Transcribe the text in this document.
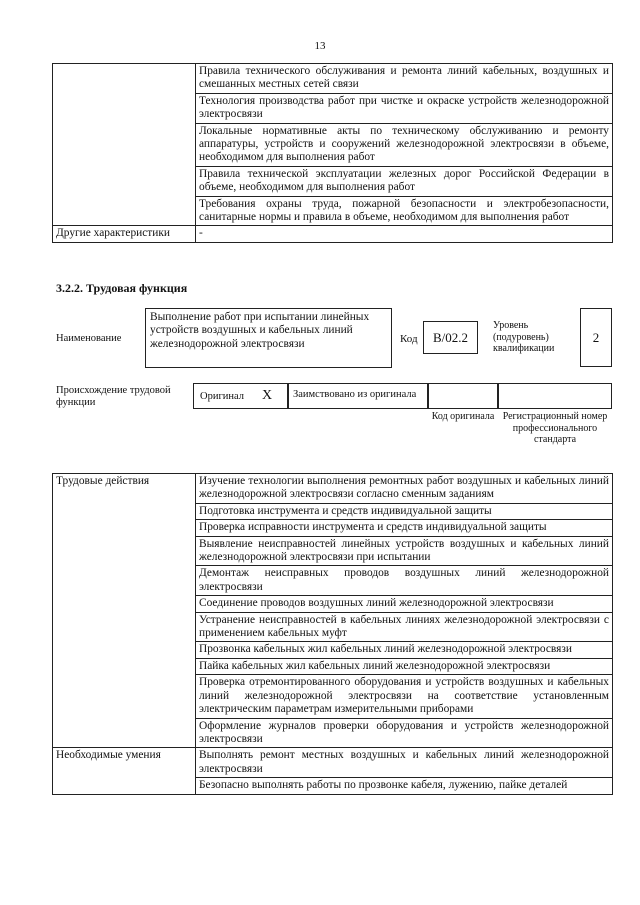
13
	Правила технического обслуживания и ремонта линий кабельных, воздушных и смешанных местных сетей связи
	Технология производства работ при чистке и окраске устройств железнодорожной электросвязи
	Локальные нормативные акты по техническому обслуживанию и ремонту аппаратуры, устройств и сооружений железнодорожной электросвязи в объеме, необходимом для выполнения работ
	Правила технической эксплуатации железных дорог Российской Федерации в объеме, необходимом для выполнения работ
	Требования охраны труда, пожарной безопасности и электробезопасности, санитарные нормы и правила в объеме, необходимом для выполнения работ
Другие характеристики	-
3.2.2. Трудовая функция
Наименование
Выполнение работ при испытании линейных устройств воздушных и кабельных линий железнодорожной электросвязи	Код	B/02.2
Уровень (подуровень) квалификации
2
Происхождение трудовой функции
Оригинал X	Заимствовано из оригинала
Код оригинала Регистрационный номер профессионального стандарта
Трудовые действия	Изучение технологии выполнения ремонтных работ воздушных и кабельных линий железнодорожной электросвязи согласно сменным заданиям
	Подготовка инструмента и средств индивидуальной защиты
	Проверка исправности инструмента и средств индивидуальной защиты
	Выявление неисправностей линейных устройств воздушных и кабельных линий железнодорожной электросвязи при испытании
	Демонтаж неисправных проводов воздушных линий железнодорожной электросвязи
	Соединение проводов воздушных линий железнодорожной электросвязи
	Устранение неисправностей в кабельных линиях железнодорожной электросвязи с применением кабельных муфт
	Прозвонка кабельных жил кабельных линий железнодорожной электросвязи
	Пайка кабельных жил кабельных линий железнодорожной электросвязи
	Проверка отремонтированного оборудования и устройств воздушных и кабельных линий железнодорожной электросвязи на соответствие установленным электрическим параметрам измерительными приборами
	Оформление журналов проверки оборудования и устройств железнодорожной электросвязи
Необходимые умения	Выполнять ремонт местных воздушных и кабельных линий железнодорожной электросвязи
	Безопасно выполнять работы по прозвонке кабеля, лужению, пайке деталей
